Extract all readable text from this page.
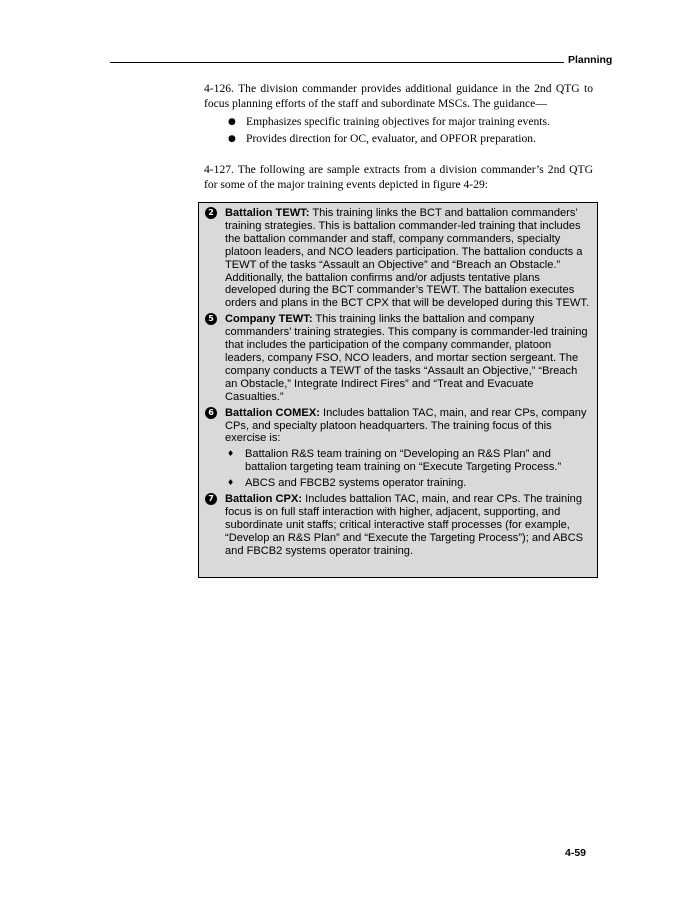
Planning

4-126. The division commander provides additional guidance in the 2nd QTG to focus planning efforts of the staff and subordinate MSCs. The guidance—

● Emphasizes specific training objectives for major training events.
● Provides direction for OC, evaluator, and OPFOR preparation.

4-127. The following are sample extracts from a division commander’s 2nd QTG for some of the major training events depicted in figure 4-29:

2 Battalion TEWT: This training links the BCT and battalion commanders’ training strategies. This is battalion commander-led training that includes the battalion commander and staff, company commanders, specialty platoon leaders, and NCO leaders participation. The battalion conducts a TEWT of the tasks “Assault an Objective” and “Breach an Obstacle.” Additionally, the battalion confirms and/or adjusts tentative plans developed during the BCT commander’s TEWT. The battalion executes orders and plans in the BCT CPX that will be developed during this TEWT.
5 Company TEWT: This training links the battalion and company commanders’ training strategies. This company is commander-led training that includes the participation of the company commander, platoon leaders, company FSO, NCO leaders, and mortar section sergeant. The company conducts a TEWT of the tasks “Assault an Objective,” “Breach an Obstacle,” Integrate Indirect Fires” and “Treat and Evacuate Casualties.”
6 Battalion COMEX: Includes battalion TAC, main, and rear CPs, company CPs, and specialty platoon headquarters. The training focus of this exercise is:
♦ Battalion R&S team training on “Developing an R&S Plan” and battalion targeting team training on “Execute Targeting Process.”
♦ ABCS and FBCB2 systems operator training.
7 Battalion CPX: Includes battalion TAC, main, and rear CPs. The training focus is on full staff interaction with higher, adjacent, supporting, and subordinate unit staffs; critical interactive staff processes (for example, “Develop an R&S Plan” and “Execute the Targeting Process”); and ABCS and FBCB2 systems operator training.
4-59
